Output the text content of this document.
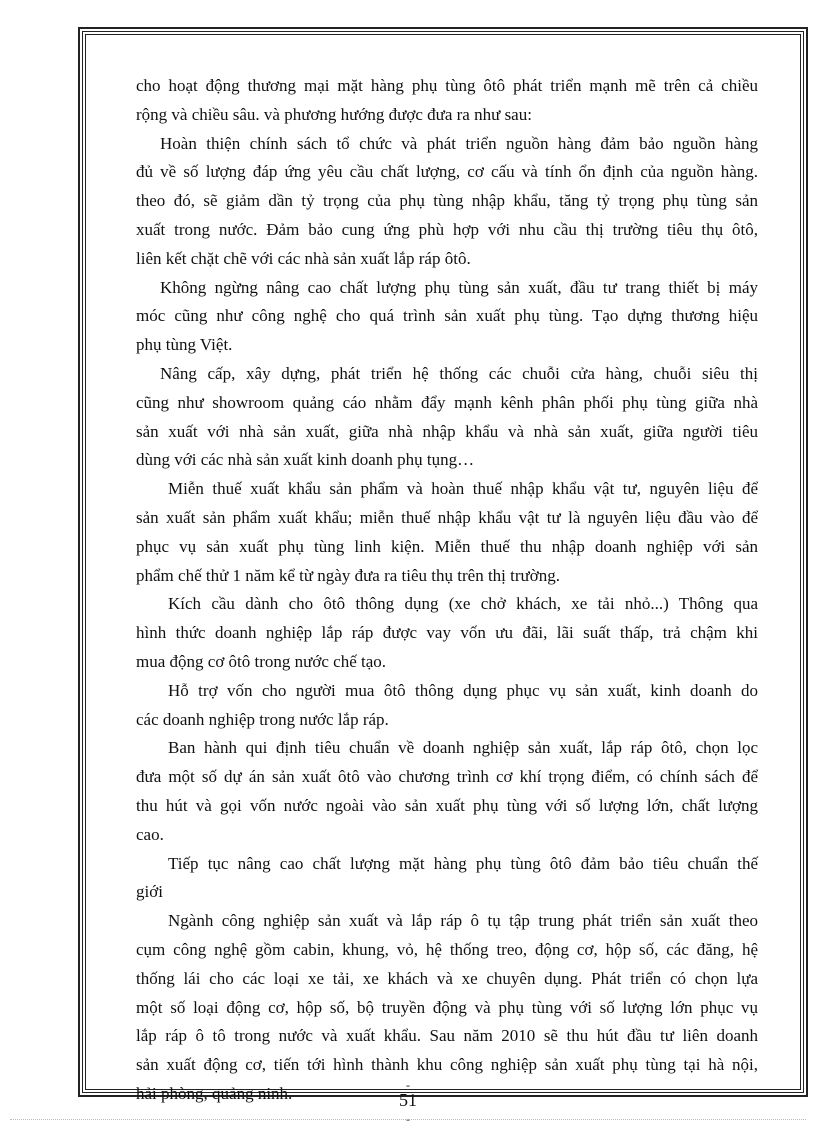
cho hoạt động thương mại mặt hàng phụ tùng ôtô phát triển mạnh mẽ trên cả chiều
rộng và chiều sâu. và phương hướng được đưa ra như sau:
Hoàn thiện chính sách tổ chức và phát triển nguồn hàng đảm bảo nguồn hàng
đủ về số lượng đáp ứng yêu cầu chất lượng, cơ cấu và tính ổn định của nguồn hàng.
theo đó, sẽ giảm dần tỷ trọng của phụ tùng nhập khẩu, tăng tỷ trọng phụ tùng sản
xuất trong nước. Đảm bảo cung ứng phù hợp với nhu cầu thị trường tiêu thụ ôtô,
liên kết chặt chẽ với các nhà sản xuất lắp ráp ôtô.
Không ngừng nâng cao chất lượng phụ tùng sản xuất, đầu tư trang thiết bị máy
móc cũng như công nghệ cho quá trình sản xuất phụ tùng. Tạo dựng thương hiệu
phụ tùng Việt.
Nâng cấp, xây dựng, phát triển hệ thống các chuỗi cửa hàng, chuỗi siêu thị
cũng như showroom quảng cáo nhằm đẩy mạnh kênh phân phối phụ tùng giữa nhà
sản xuất với nhà sản xuất, giữa nhà nhập khẩu và nhà sản xuất, giữa người tiêu
dùng với các nhà sản xuất kinh doanh phụ tụng…
Miễn thuế xuất khẩu sản phẩm và hoàn thuế nhập khẩu vật tư, nguyên liệu để
sản xuất sản phẩm xuất khẩu; miễn thuế nhập khẩu vật tư là nguyên liệu đầu vào để
phục vụ sản xuất phụ tùng linh kiện. Miễn thuế thu nhập doanh nghiệp với sản
phẩm chế thử 1 năm kể từ ngày đưa ra tiêu thụ trên thị trường.
Kích cầu dành cho ôtô thông dụng (xe chở khách, xe tải nhỏ...) Thông qua
hình thức doanh nghiệp lắp ráp được vay vốn ưu đãi, lãi suất thấp, trả chậm khi
mua động cơ ôtô trong nước chế tạo.
Hỗ trợ vốn cho người mua ôtô thông dụng phục vụ sản xuất, kinh doanh do
các doanh nghiệp trong nước lắp ráp.
Ban hành qui định tiêu chuẩn về doanh nghiệp sản xuất, lắp ráp ôtô, chọn lọc
đưa một số dự án sản xuất ôtô vào chương trình cơ khí trọng điểm, có chính sách để
thu hút và gọi vốn nước ngoài vào sản xuất phụ tùng với số lượng lớn, chất lượng
cao.
Tiếp tục nâng cao chất lượng mặt hàng phụ tùng ôtô đảm bảo tiêu chuẩn thế
giới
Ngành công nghiệp sản xuất và lắp ráp ô tụ tập trung phát triển sản xuất theo
cụm công nghệ gồm cabin, khung, vỏ, hệ thống treo, động cơ, hộp số, các đăng, hệ
thống lái cho các loại xe tải, xe khách và xe chuyên dụng. Phát triển có chọn lựa
một số loại động cơ, hộp số, bộ truyền động và phụ tùng với số lượng lớn phục vụ
lắp ráp ô tô trong nước và xuất khẩu. Sau năm 2010 sẽ thu hút đầu tư liên doanh
sản xuất động cơ, tiến tới hình thành khu công nghiệp sản xuất phụ tùng tại hà nội,
hải phòng, quảng ninh.	-
51
-
